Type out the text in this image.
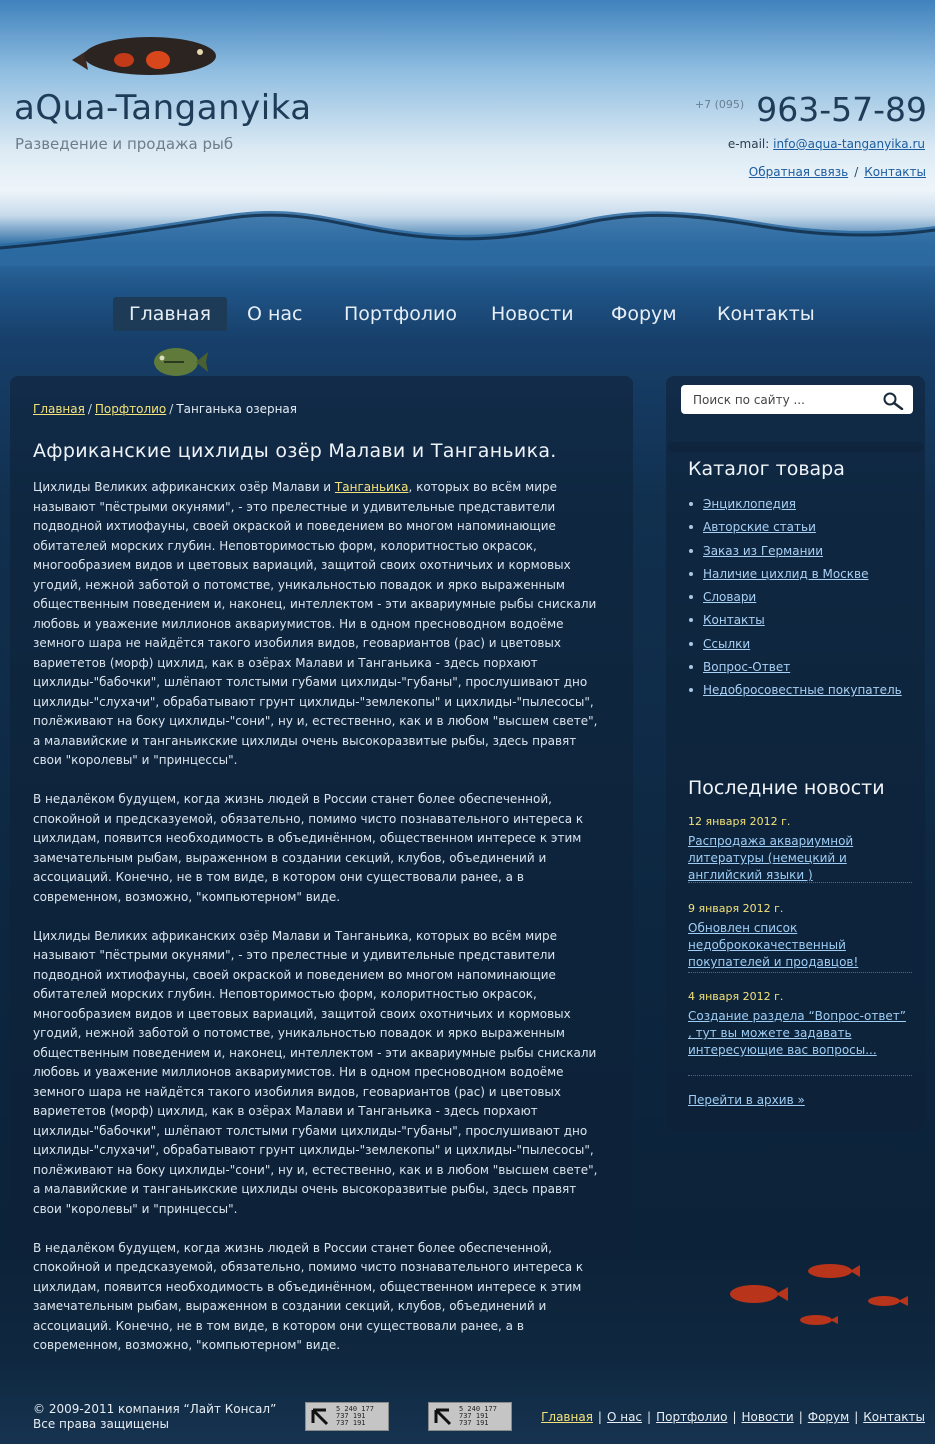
aQua-Tanganyika
Разведение и продажа рыб
$^{+7 (095)}$ 963-57-89
e-mail: info@aqua-tanganyika.ru
Обратная связь / Контакты
Главная	О нас Портфолио Новости Форум Контакты
Главная / Порфтолио / Танганька озерная
Африканские цихлиды озёр Малави и Танганьика.

Цихлиды Великих африканских озёр Малави и Танганьика, которых во всём мире называют "пёстрыми окунями", - это прелестные и удивительные представители подводной ихтиофауны, своей окраской и поведением во многом напоминающие обитателей морских глубин. Неповторимостью форм, колоритностью окрасок, многообразием видов и цветовых вариаций, защитой своих охотничьих и кормовых угодий, нежной заботой о потомстве, уникальностью повадок и ярко выраженным общественным поведением и, наконец, интеллектом - эти аквариумные рыбы снискали любовь и уважение миллионов аквариумистов. Ни в одном пресноводном водоёме земного шара не найдётся такого изобилия видов, геовариантов (рас) и цветовых вариететов (морф) цихлид, как в озёрах Малави и Танганьика - здесь порхают цихлиды-"бабочки", шлёпают толстыми губами цихлиды-"губаны", прослушивают дно цихлиды-"слухачи", обрабатывают грунт цихлиды-"землекопы" и цихлиды-"пылесосы", полёживают на боку цихлиды-"сони", ну и, естественно, как и в любом "высшем свете", а малавийские и танганьикские цихлиды очень высокоразвитые рыбы, здесь правят свои "королевы" и "принцессы".

В недалёком будущем, когда жизнь людей в России станет более обеспеченной, спокойной и предсказуемой, обязательно, помимо чисто познавательного интереса к цихлидам, появится необходимость в объединённом, общественном интересе к этим замечательным рыбам, выраженном в создании секций, клубов, объединений и ассоциаций. Конечно, не в том виде, в котором они существовали ранее, а в современном, возможно, "компьютерном" виде.

Цихлиды Великих африканских озёр Малави и Танганьика, которых во всём мире называют "пёстрыми окунями", - это прелестные и удивительные представители подводной ихтиофауны, своей окраской и поведением во многом напоминающие обитателей морских глубин. Неповторимостью форм, колоритностью окрасок, многообразием видов и цветовых вариаций, защитой своих охотничьих и кормовых угодий, нежной заботой о потомстве, уникальностью повадок и ярко выраженным общественным поведением и, наконец, интеллектом - эти аквариумные рыбы снискали любовь и уважение миллионов аквариумистов. Ни в одном пресноводном водоёме земного шара не найдётся такого изобилия видов, геовариантов (рас) и цветовых вариететов (морф) цихлид, как в озёрах Малави и Танганьика - здесь порхают цихлиды-"бабочки", шлёпают толстыми губами цихлиды-"губаны", прослушивают дно цихлиды-"слухачи", обрабатывают грунт цихлиды-"землекопы" и цихлиды-"пылесосы", полёживают на боку цихлиды-"сони", ну и, естественно, как и в любом "высшем свете", а малавийские и танганьикские цихлиды очень высокоразвитые рыбы, здесь правят свои "королевы" и "принцессы".

В недалёком будущем, когда жизнь людей в России станет более обеспеченной, спокойной и предсказуемой, обязательно, помимо чисто познавательного интереса к цихлидам, появится необходимость в объединённом, общественном интересе к этим замечательным рыбам, выраженном в создании секций, клубов, объединений и ассоциаций. Конечно, не в том виде, в котором они существовали ранее, а в современном, возможно, "компьютерном" виде.

Поиск по сайту ...
Каталог товара
Энциклопедия
Авторские статьи
Заказ из Германии
Наличие цихлид в Москве
Словари
Контакты
Ссылки
Вопрос-Ответ
Недобросовестные покупатель
Последние новости
12 января 2012 г.
Распродажа аквариумной литературы (немецкий и английский языки )
9 января 2012 г.
Обновлен список недобрококачественный покупателей и продавцов!
4 января 2012 г.
Создание раздела “Вопрос-ответ” , тут вы можете задавать интересующие вас вопросы...
Перейти в архив »
© 2009-2011 компания “Лайт Консал”
Все права защищены
5 240 177
737 191
737 191
5 240 177
737 191
737 191	Главная | О нас | Портфолио | Новости | Форум | Контакты
